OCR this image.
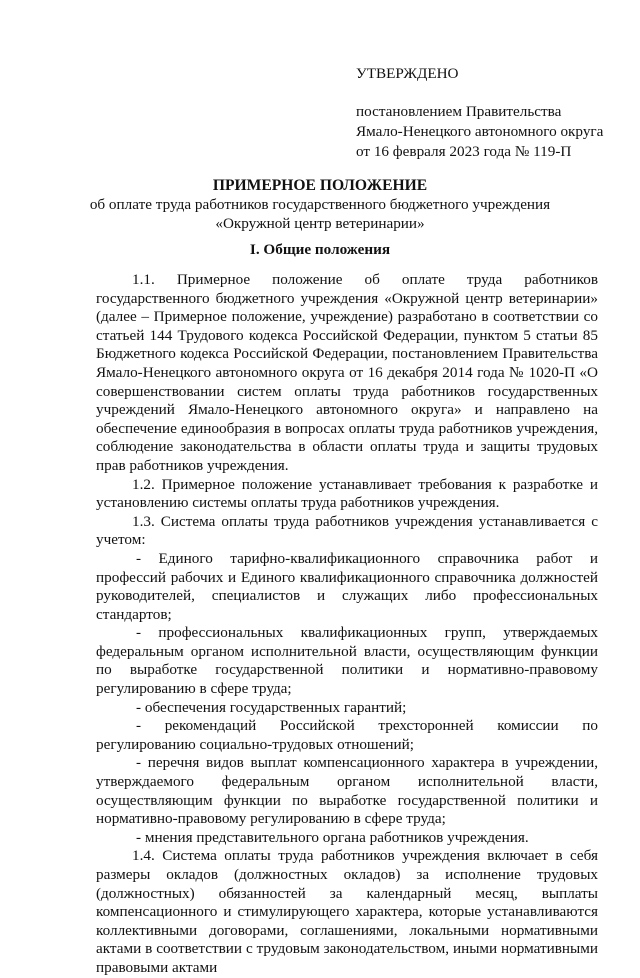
УТВЕРЖДЕНО
постановлением Правительства
Ямало-Ненецкого автономного округа
от 16 февраля 2023 года № 119-П
ПРИМЕРНОЕ ПОЛОЖЕНИЕ
об оплате труда работников государственного бюджетного учреждения
«Окружной центр ветеринарии»
I. Общие положения

1.1. Примерное положение об оплате труда работников государственного бюджетного учреждения «Окружной центр ветеринарии» (далее – Примерное положение, учреждение) разработано в соответствии со статьей 144 Трудового кодекса Российской Федерации, пунктом 5 статьи 85 Бюджетного кодекса Российской Федерации, постановлением Правительства Ямало-Ненецкого автономного округа от 16 декабря 2014 года № 1020-П «О совершенствовании систем оплаты труда работников государственных учреждений Ямало-Ненецкого автономного округа» и направлено на обеспечение единообразия в вопросах оплаты труда работников учреждения, соблюдение законодательства в области оплаты труда и защиты трудовых прав работников учреждения.

1.2. Примерное положение устанавливает требования к разработке и установлению системы оплаты труда работников учреждения.

1.3. Система оплаты труда работников учреждения устанавливается с учетом:

- Единого тарифно-квалификационного справочника работ и профессий рабочих и Единого квалификационного справочника должностей руководителей, специалистов и служащих либо профессиональных стандартов;

- профессиональных квалификационных групп, утверждаемых федеральным органом исполнительной власти, осуществляющим функции по выработке государственной политики и нормативно-правовому регулированию в сфере труда;

- обеспечения государственных гарантий;

- рекомендаций Российской трехсторонней комиссии по регулированию социально-трудовых отношений;

- перечня видов выплат компенсационного характера в учреждении, утверждаемого федеральным органом исполнительной власти, осуществляющим функции по выработке государственной политики и нормативно-правовому регулированию в сфере труда;

- мнения представительного органа работников учреждения.

1.4. Система оплаты труда работников учреждения включает в себя размеры окладов (должностных окладов) за исполнение трудовых (должностных) обязанностей за календарный месяц, выплаты компенсационного и стимулирующего характера, которые устанавливаются коллективными договорами, соглашениями, локальными нормативными актами в соответствии с трудовым законодательством, иными нормативными правовыми актами
